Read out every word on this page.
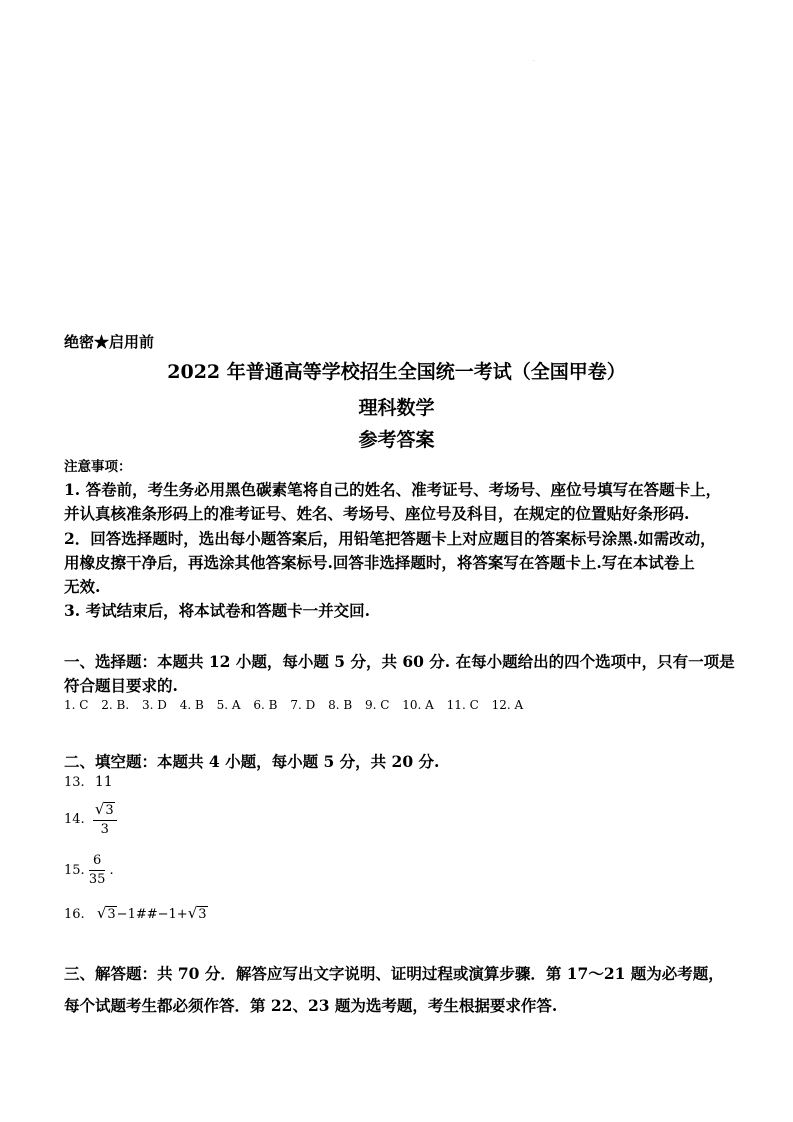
.
绝密★启用前
2022 年普通高等学校招生全国统一考试（全国甲卷）
理科数学
参考答案
注意事项：
1. 答卷前，考生务必用黑色碳素笔将自己的姓名、准考证号、考场号、座位号填写在答题卡上，
并认真核准条形码上的准考证号、姓名、考场号、座位号及科目，在规定的位置贴好条形码.
2．回答选择题时，选出每小题答案后，用铅笔把答题卡上对应题目的答案标号涂黑.如需改动，
用橡皮擦干净后，再选涂其他答案标号.回答非选择题时，将答案写在答题卡上.写在本试卷上
无效.
3. 考试结束后，将本试卷和答题卡一并交回.
一、选择题：本题共 12 小题，每小题 5 分，共 60 分. 在每小题给出的四个选项中，只有一项是
符合题目要求的.
1. C 2. B. 3. D 4. B 5. A 6. B 7. D 8. B 9. C 10. A 11. C 12. A
二、填空题：本题共 4 小题，每小题 5 分，共 20 分.
13. 11
14. $\frac{√3}{3}$
15. $\frac{6}{35}$ .
16. √3−1##−1+√3
三、解答题：共 70 分．解答应写出文字说明、证明过程或演算步骤．第 17～21 题为必考题，
每个试题考生都必须作答．第 22、23 题为选考题，考生根据要求作答.
